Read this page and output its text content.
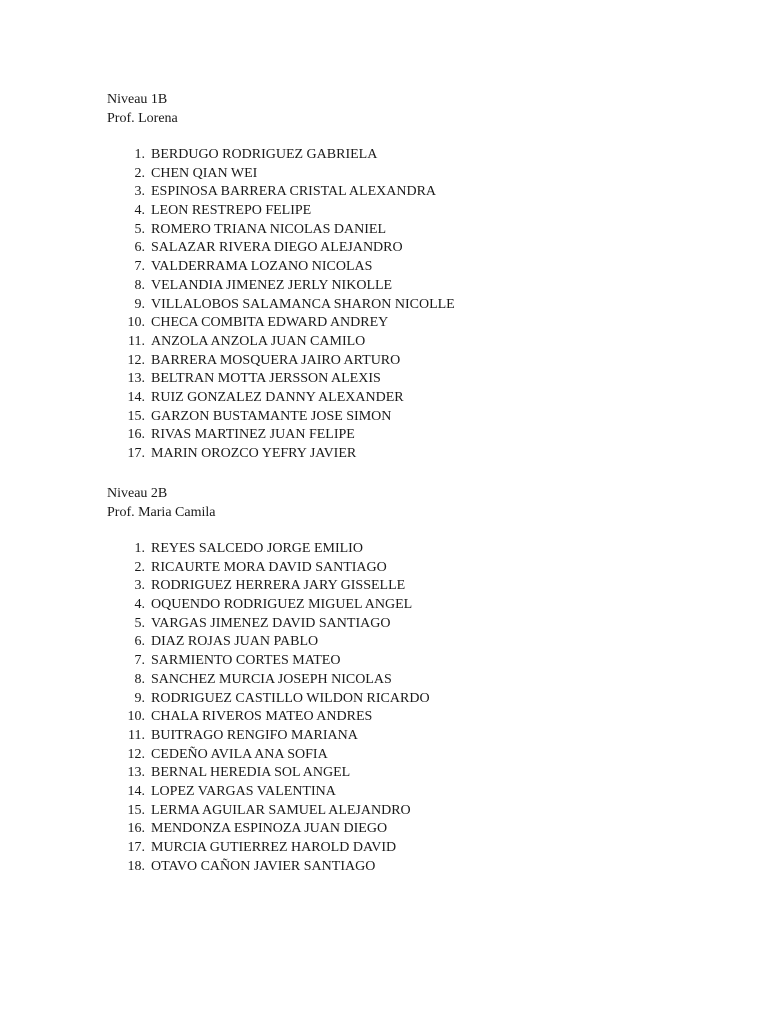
Niveau 1B
Prof. Lorena
1. BERDUGO RODRIGUEZ GABRIELA
2. CHEN QIAN WEI
3. ESPINOSA BARRERA CRISTAL ALEXANDRA
4. LEON RESTREPO FELIPE
5. ROMERO TRIANA NICOLAS DANIEL
6. SALAZAR RIVERA DIEGO ALEJANDRO
7. VALDERRAMA LOZANO NICOLAS
8. VELANDIA JIMENEZ JERLY NIKOLLE
9. VILLALOBOS SALAMANCA SHARON NICOLLE
10. CHECA COMBITA EDWARD ANDREY
11. ANZOLA ANZOLA JUAN CAMILO
12. BARRERA MOSQUERA JAIRO ARTURO
13. BELTRAN MOTTA JERSSON ALEXIS
14. RUIZ GONZALEZ DANNY ALEXANDER
15. GARZON BUSTAMANTE JOSE SIMON
16. RIVAS MARTINEZ JUAN FELIPE
17. MARIN OROZCO YEFRY JAVIER
Niveau 2B
Prof. Maria Camila
1. REYES SALCEDO JORGE EMILIO
2. RICAURTE MORA DAVID SANTIAGO
3. RODRIGUEZ HERRERA JARY GISSELLE
4. OQUENDO RODRIGUEZ MIGUEL ANGEL
5. VARGAS JIMENEZ DAVID SANTIAGO
6. DIAZ ROJAS JUAN PABLO
7. SARMIENTO CORTES MATEO
8. SANCHEZ MURCIA JOSEPH NICOLAS
9. RODRIGUEZ CASTILLO WILDON RICARDO
10. CHALA RIVEROS MATEO ANDRES
11. BUITRAGO RENGIFO MARIANA
12. CEDEÑO AVILA ANA SOFIA
13. BERNAL HEREDIA SOL ANGEL
14. LOPEZ VARGAS VALENTINA
15. LERMA AGUILAR SAMUEL ALEJANDRO
16. MENDONZA ESPINOZA JUAN DIEGO
17. MURCIA GUTIERREZ HAROLD DAVID
18. OTAVO CAÑON JAVIER SANTIAGO
